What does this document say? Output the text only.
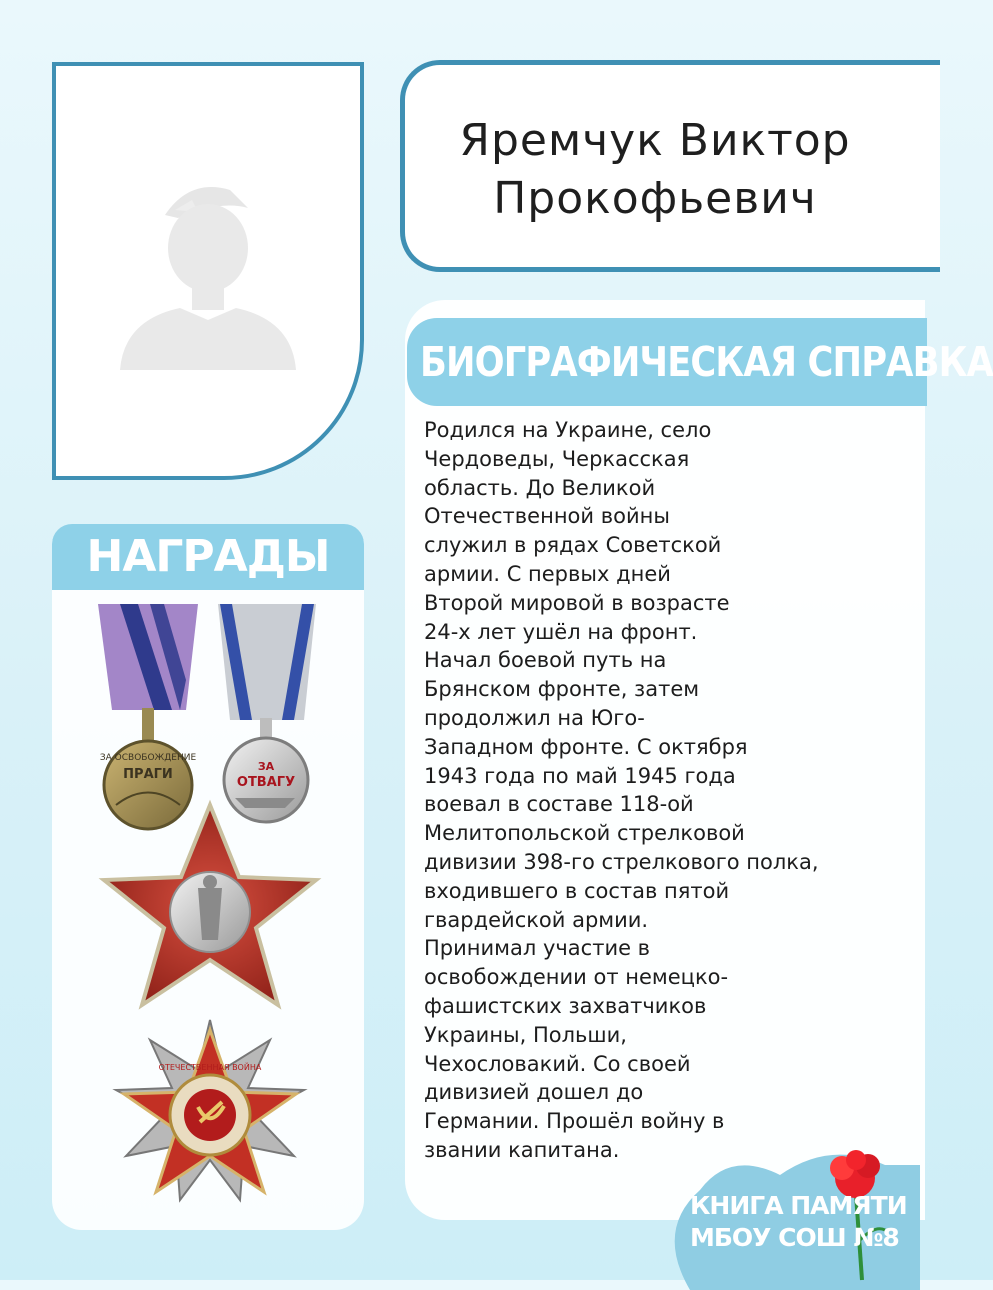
Яремчук Виктор
Прокофьевич
БИОГРАФИЧЕСКАЯ СПРАВКА

Родился на Украине, село
Чердоведы, Черкасская
область. До Великой
Отечественной войны
служил в рядах Советской
армии. С первых дней
Второй мировой в возрасте
24-х лет ушёл на фронт.
Начал боевой путь на
Брянском фронте, затем
продолжил на Юго-
Западном фронте. С октября
1943 года по май 1945 года
воевал в составе 118-ой
Мелитопольской стрелковой
дивизии 398-го стрелкового полка,
входившего в состав пятой
гвардейской армии.
Принимал участие в
освобождении от немецко-
фашистских захватчиков
Украины, Польши,
Чехословакий. Со своей
дивизией дошел до
Германии. Прошёл войну в
звании капитана.

НАГРАДЫ
ЗА ОСВОБОЖДЕНИЕ
ПРАГИ
ЗА
ОТВАГУ
ОТЕЧЕСТВЕННАЯ ВОЙНА
КНИГА ПАМЯТИ
МБОУ СОШ №8
